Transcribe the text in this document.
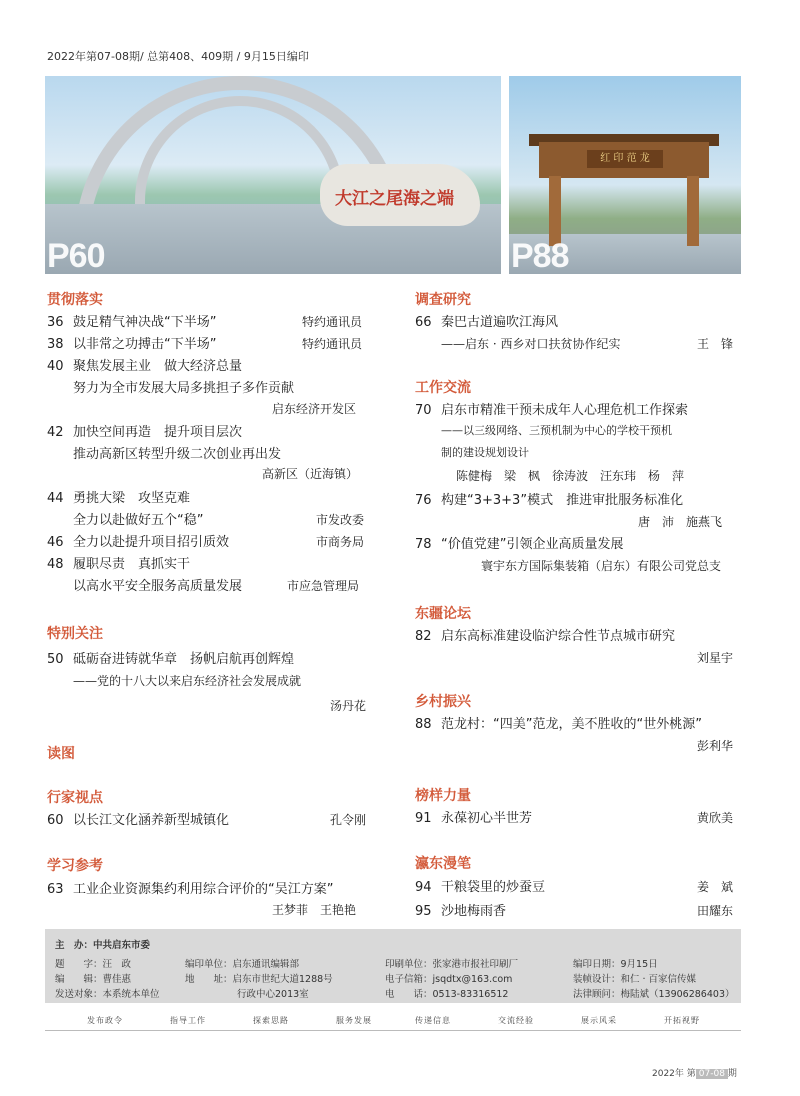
2022年第07-08期/ 总第408、409期 / 9月15日编印
大江之尾海之端
P60
红 印 范 龙
P88
贯彻落实
36 鼓足精气神决战“下半场”	特约通讯员
38 以非常之功搏击“下半场”	特约通讯员
40 聚焦发展主业　做大经济总量
努力为全市发展大局多挑担子多作贡献
启东经济开发区
42 加快空间再造　提升项目层次
推动高新区转型升级二次创业再出发
高新区（近海镇）
44 勇挑大梁　攻坚克难
全力以赴做好五个“稳”	市发改委
46 全力以赴提升项目招引质效	市商务局
48 履职尽责　真抓实干
以高水平安全服务高质量发展	市应急管理局
特别关注
50 砥砺奋进铸就华章　扬帆启航再创辉煌
——党的十八大以来启东经济社会发展成就
汤丹花
读图
行家视点
60 以长江文化涵养新型城镇化	孔令刚
学习参考
63 工业企业资源集约利用综合评价的“吴江方案”
王梦菲　王艳艳
调查研究
66 秦巴古道遍吹江海风
——启东 · 西乡对口扶贫协作纪实	王　锋
工作交流
70 启东市精准干预未成年人心理危机工作探索
——以三级网络、三预机制为中心的学校干预机
制的建设规划设计
陈健梅　梁　枫　徐涛波　汪东玮　杨　萍
76 构建“3+3+3”模式　推进审批服务标准化
唐　沛　施燕飞
78 “价值党建”引领企业高质量发展
寰宇东方国际集装箱（启东）有限公司党总支
东疆论坛
82 启东高标准建设临沪综合性节点城市研究
刘星宇
乡村振兴
88 范龙村：“四美”范龙，美不胜收的“世外桃源”
彭利华
榜样力量
91 永葆初心半世芳	黄欣美
瀛东漫笔
94 干粮袋里的炒蚕豆	姜　斌
95 沙地梅雨香	田耀东
主　办：中共启东市委
题　　字：汪　政
编　　辑：曹佳惠
发送对象：本系统本单位
编印单位：启东通讯编辑部
地　　址：启东市世纪大道1288号
行政中心2013室
印刷单位：张家港市报社印刷厂
电子信箱：jsqdtx@163.com
电　　话：0513-83316512
编印日期：9月15日
装帧设计：和仁 · 百家信传媒
法律顾问：梅陆斌（13906286403）
发布政令	指导工作	探索思路	服务发展	传递信息	交流经验	展示风采	开拓视野
2022年 第 07-08 期
